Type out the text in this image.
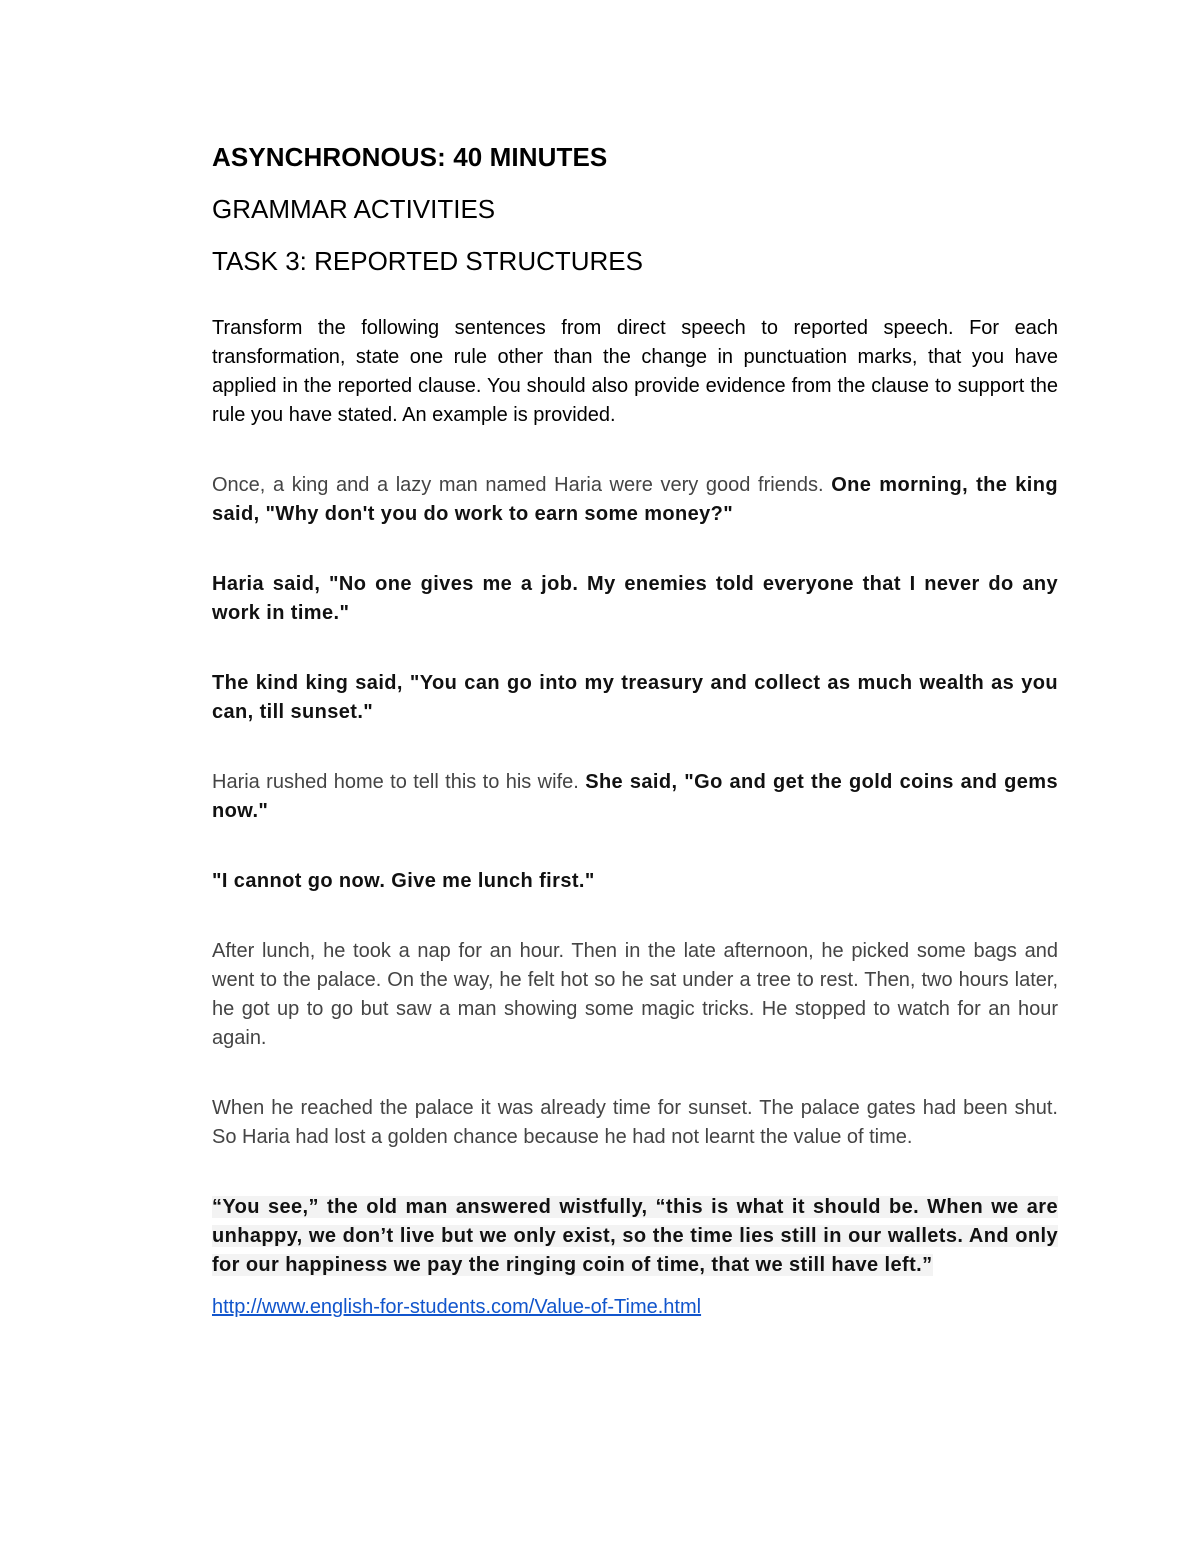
ASYNCHRONOUS: 40 MINUTES
GRAMMAR ACTIVITIES
TASK 3: REPORTED STRUCTURES

Transform the following sentences from direct speech to reported speech. For each transformation, state one rule other than the change in punctuation marks, that you have applied in the reported clause. You should also provide evidence from the clause to support the rule you have stated. An example is provided.

Once, a king and a lazy man named Haria were very good friends. One morning, the king said, "Why don't you do work to earn some money?"

Haria said, "No one gives me a job. My enemies told everyone that I never do any work in time."

The kind king said, "You can go into my treasury and collect as much wealth as you can, till sunset."

Haria rushed home to tell this to his wife. She said, "Go and get the gold coins and gems now."

"I cannot go now. Give me lunch first."

After lunch, he took a nap for an hour. Then in the late afternoon, he picked some bags and went to the palace. On the way, he felt hot so he sat under a tree to rest. Then, two hours later, he got up to go but saw a man showing some magic tricks. He stopped to watch for an hour again.

When he reached the palace it was already time for sunset. The palace gates had been shut. So Haria had lost a golden chance because he had not learnt the value of time.

“You see,” the old man answered wistfully, “this is what it should be. When we are unhappy, we don’t live but we only exist, so the time lies still in our wallets. And only for our happiness we pay the ringing coin of time, that we still have left.”

http://www.english-for-students.com/Value-of-Time.html
